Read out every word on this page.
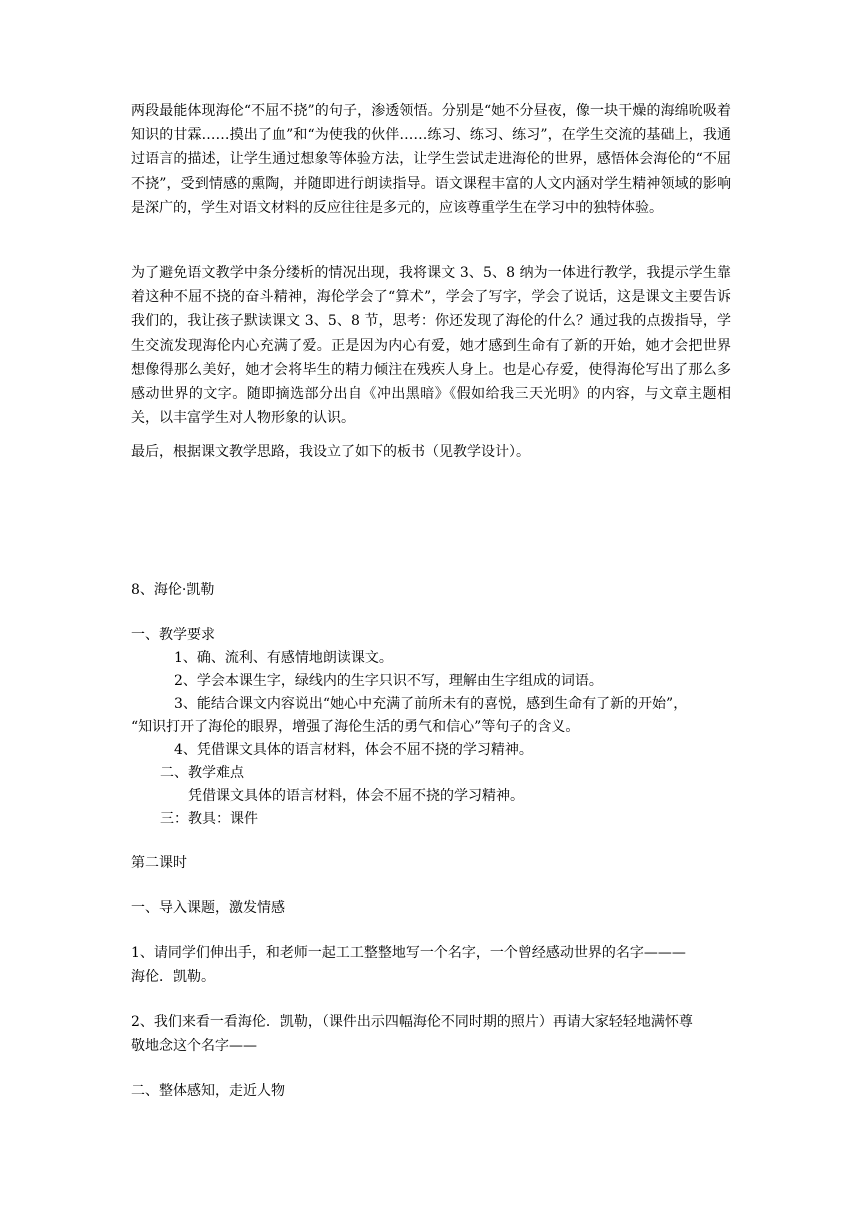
两段最能体现海伦“不屈不挠”的句子，渗透领悟。分别是“她不分昼夜，像一块干燥的海绵吮吸着知识的甘霖……摸出了血”和“为使我的伙伴……练习、练习、练习”，在学生交流的基础上，我通过语言的描述，让学生通过想象等体验方法，让学生尝试走进海伦的世界，感悟体会海伦的“不屈不挠”，受到情感的熏陶，并随即进行朗读指导。语文课程丰富的人文内涵对学生精神领域的影响是深广的，学生对语文材料的反应往往是多元的，应该尊重学生在学习中的独特体验。
为了避免语文教学中条分缕析的情况出现，我将课文 3、5、8 纳为一体进行教学，我提示学生靠着这种不屈不挠的奋斗精神，海伦学会了“算术”，学会了写字，学会了说话，这是课文主要告诉我们的，我让孩子默读课文 3、5、8 节，思考：你还发现了海伦的什么？通过我的点拨指导，学生交流发现海伦内心充满了爱。正是因为内心有爱，她才感到生命有了新的开始，她才会把世界想像得那么美好，她才会将毕生的精力倾注在残疾人身上。也是心存爱，使得海伦写出了那么多感动世界的文字。随即摘选部分出自《冲出黑暗》《假如给我三天光明》的内容，与文章主题相关，以丰富学生对人物形象的认识。
最后，根据课文教学思路，我设立了如下的板书（见教学设计）。
8、海伦·凯勒
一、教学要求
1、确、流利、有感情地朗读课文。
2、学会本课生字，绿线内的生字只识不写，理解由生字组成的词语。
3、能结合课文内容说出“她心中充满了前所未有的喜悦，感到生命有了新的开始”，
“知识打开了海伦的眼界，增强了海伦生活的勇气和信心”等句子的含义。
4、凭借课文具体的语言材料，体会不屈不挠的学习精神。
二、教学难点
凭借课文具体的语言材料，体会不屈不挠的学习精神。
三：教具：课件
第二课时
一、导入课题，激发情感
1、请同学们伸出手，和老师一起工工整整地写一个名字，一个曾经感动世界的名字———
海伦．凯勒。
2、我们来看一看海伦．凯勒，（课件出示四幅海伦不同时期的照片）再请大家轻轻地满怀尊
敬地念这个名字——
二、整体感知，走近人物
